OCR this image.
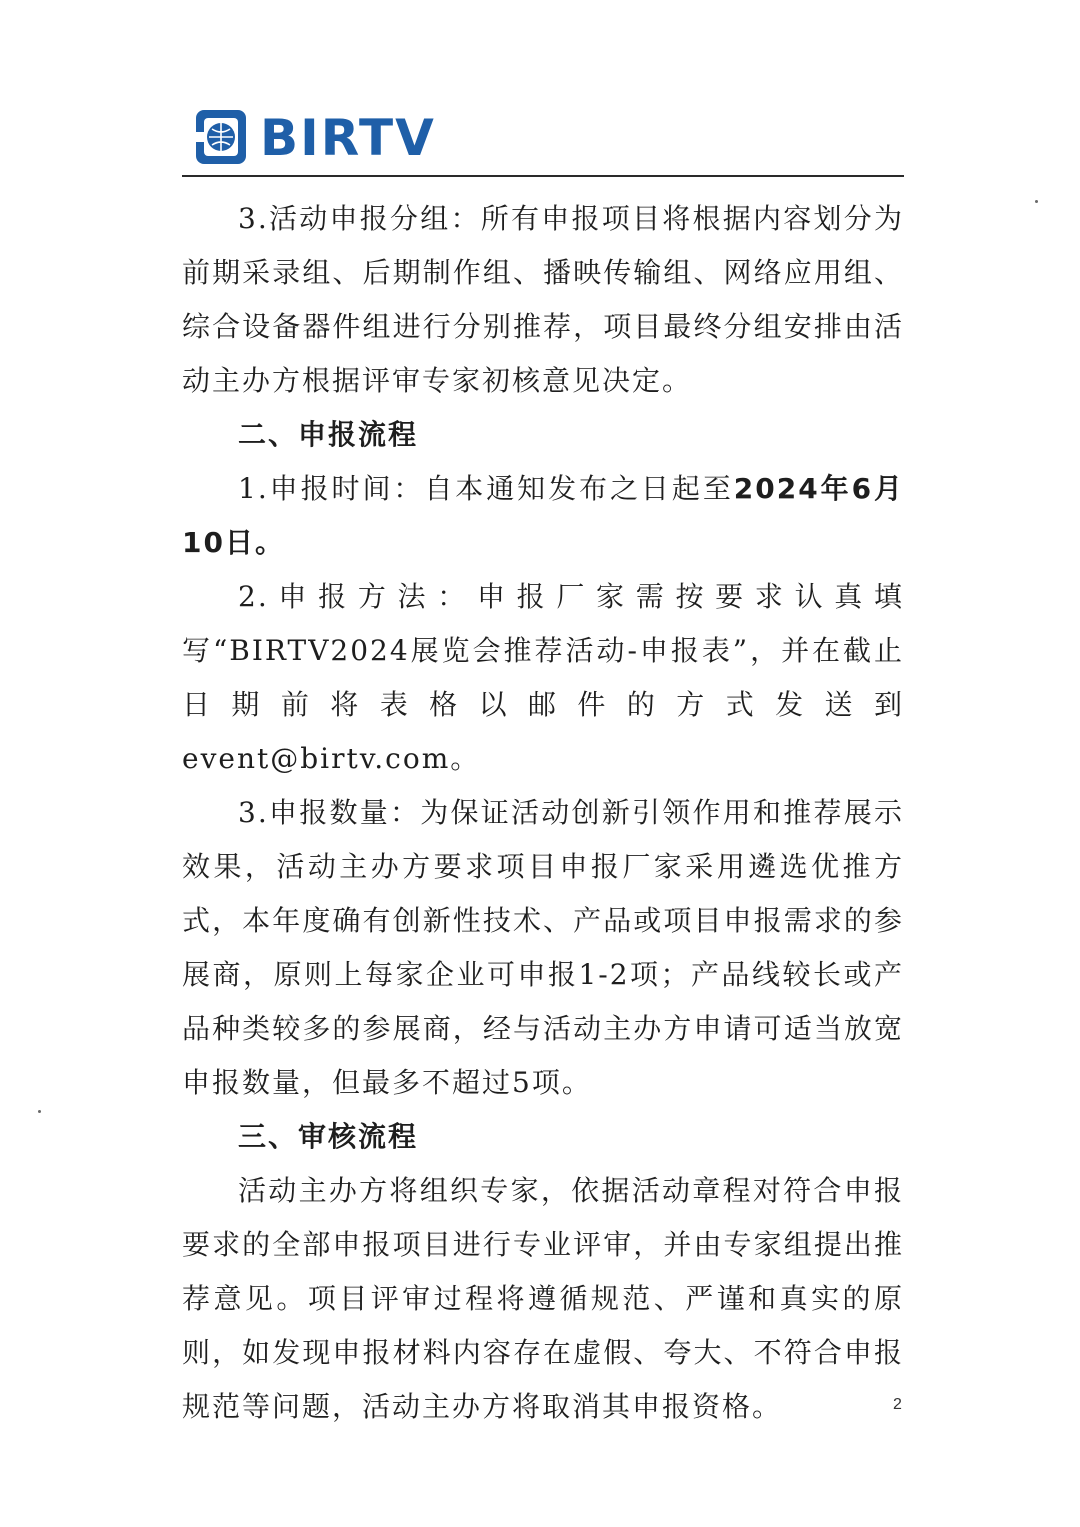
BIRTV

3.活动申报分组：所有申报项目将根据内容划分为前期采录组、后期制作组、播映传输组、网络应用组、综合设备器件组进行分别推荐，项目最终分组安排由活动主办方根据评审专家初核意见决定。

二、申报流程

1.申报时间：自本通知发布之日起至2024年6月10日。

2.申报方法：申报厂家需按要求认真填写“BIRTV2024展览会推荐活动-申报表”，并在截止日期前将表格以邮件的方式发送到event@birtv.com。

3.申报数量：为保证活动创新引领作用和推荐展示效果，活动主办方要求项目申报厂家采用遴选优推方式，本年度确有创新性技术、产品或项目申报需求的参展商，原则上每家企业可申报1-2项；产品线较长或产品种类较多的参展商，经与活动主办方申请可适当放宽申报数量，但最多不超过5项。

三、审核流程

活动主办方将组织专家，依据活动章程对符合申报要求的全部申报项目进行专业评审，并由专家组提出推荐意见。项目评审过程将遵循规范、严谨和真实的原则，如发现申报材料内容存在虚假、夸大、不符合申报规范等问题，活动主办方将取消其申报资格。	2
